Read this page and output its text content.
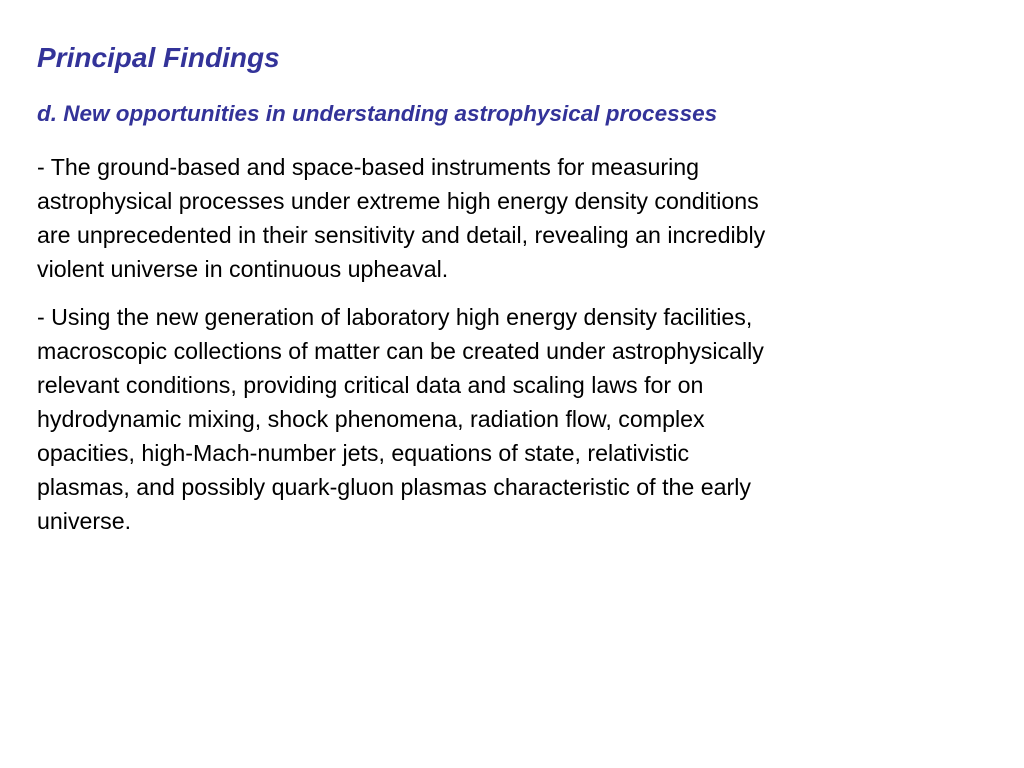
Principal Findings
d. New opportunities in understanding astrophysical processes
- The ground-based and space-based instruments for measuring
astrophysical processes under extreme high energy density conditions
are unprecedented in their sensitivity and detail, revealing an incredibly
violent universe in continuous upheaval.
- Using the new generation of laboratory high energy density facilities,
macroscopic collections of matter can be created under astrophysically
relevant conditions, providing critical data and scaling laws for on
hydrodynamic mixing, shock phenomena, radiation flow, complex
opacities, high-Mach-number jets, equations of state, relativistic
plasmas, and possibly quark-gluon plasmas characteristic of the early
universe.
